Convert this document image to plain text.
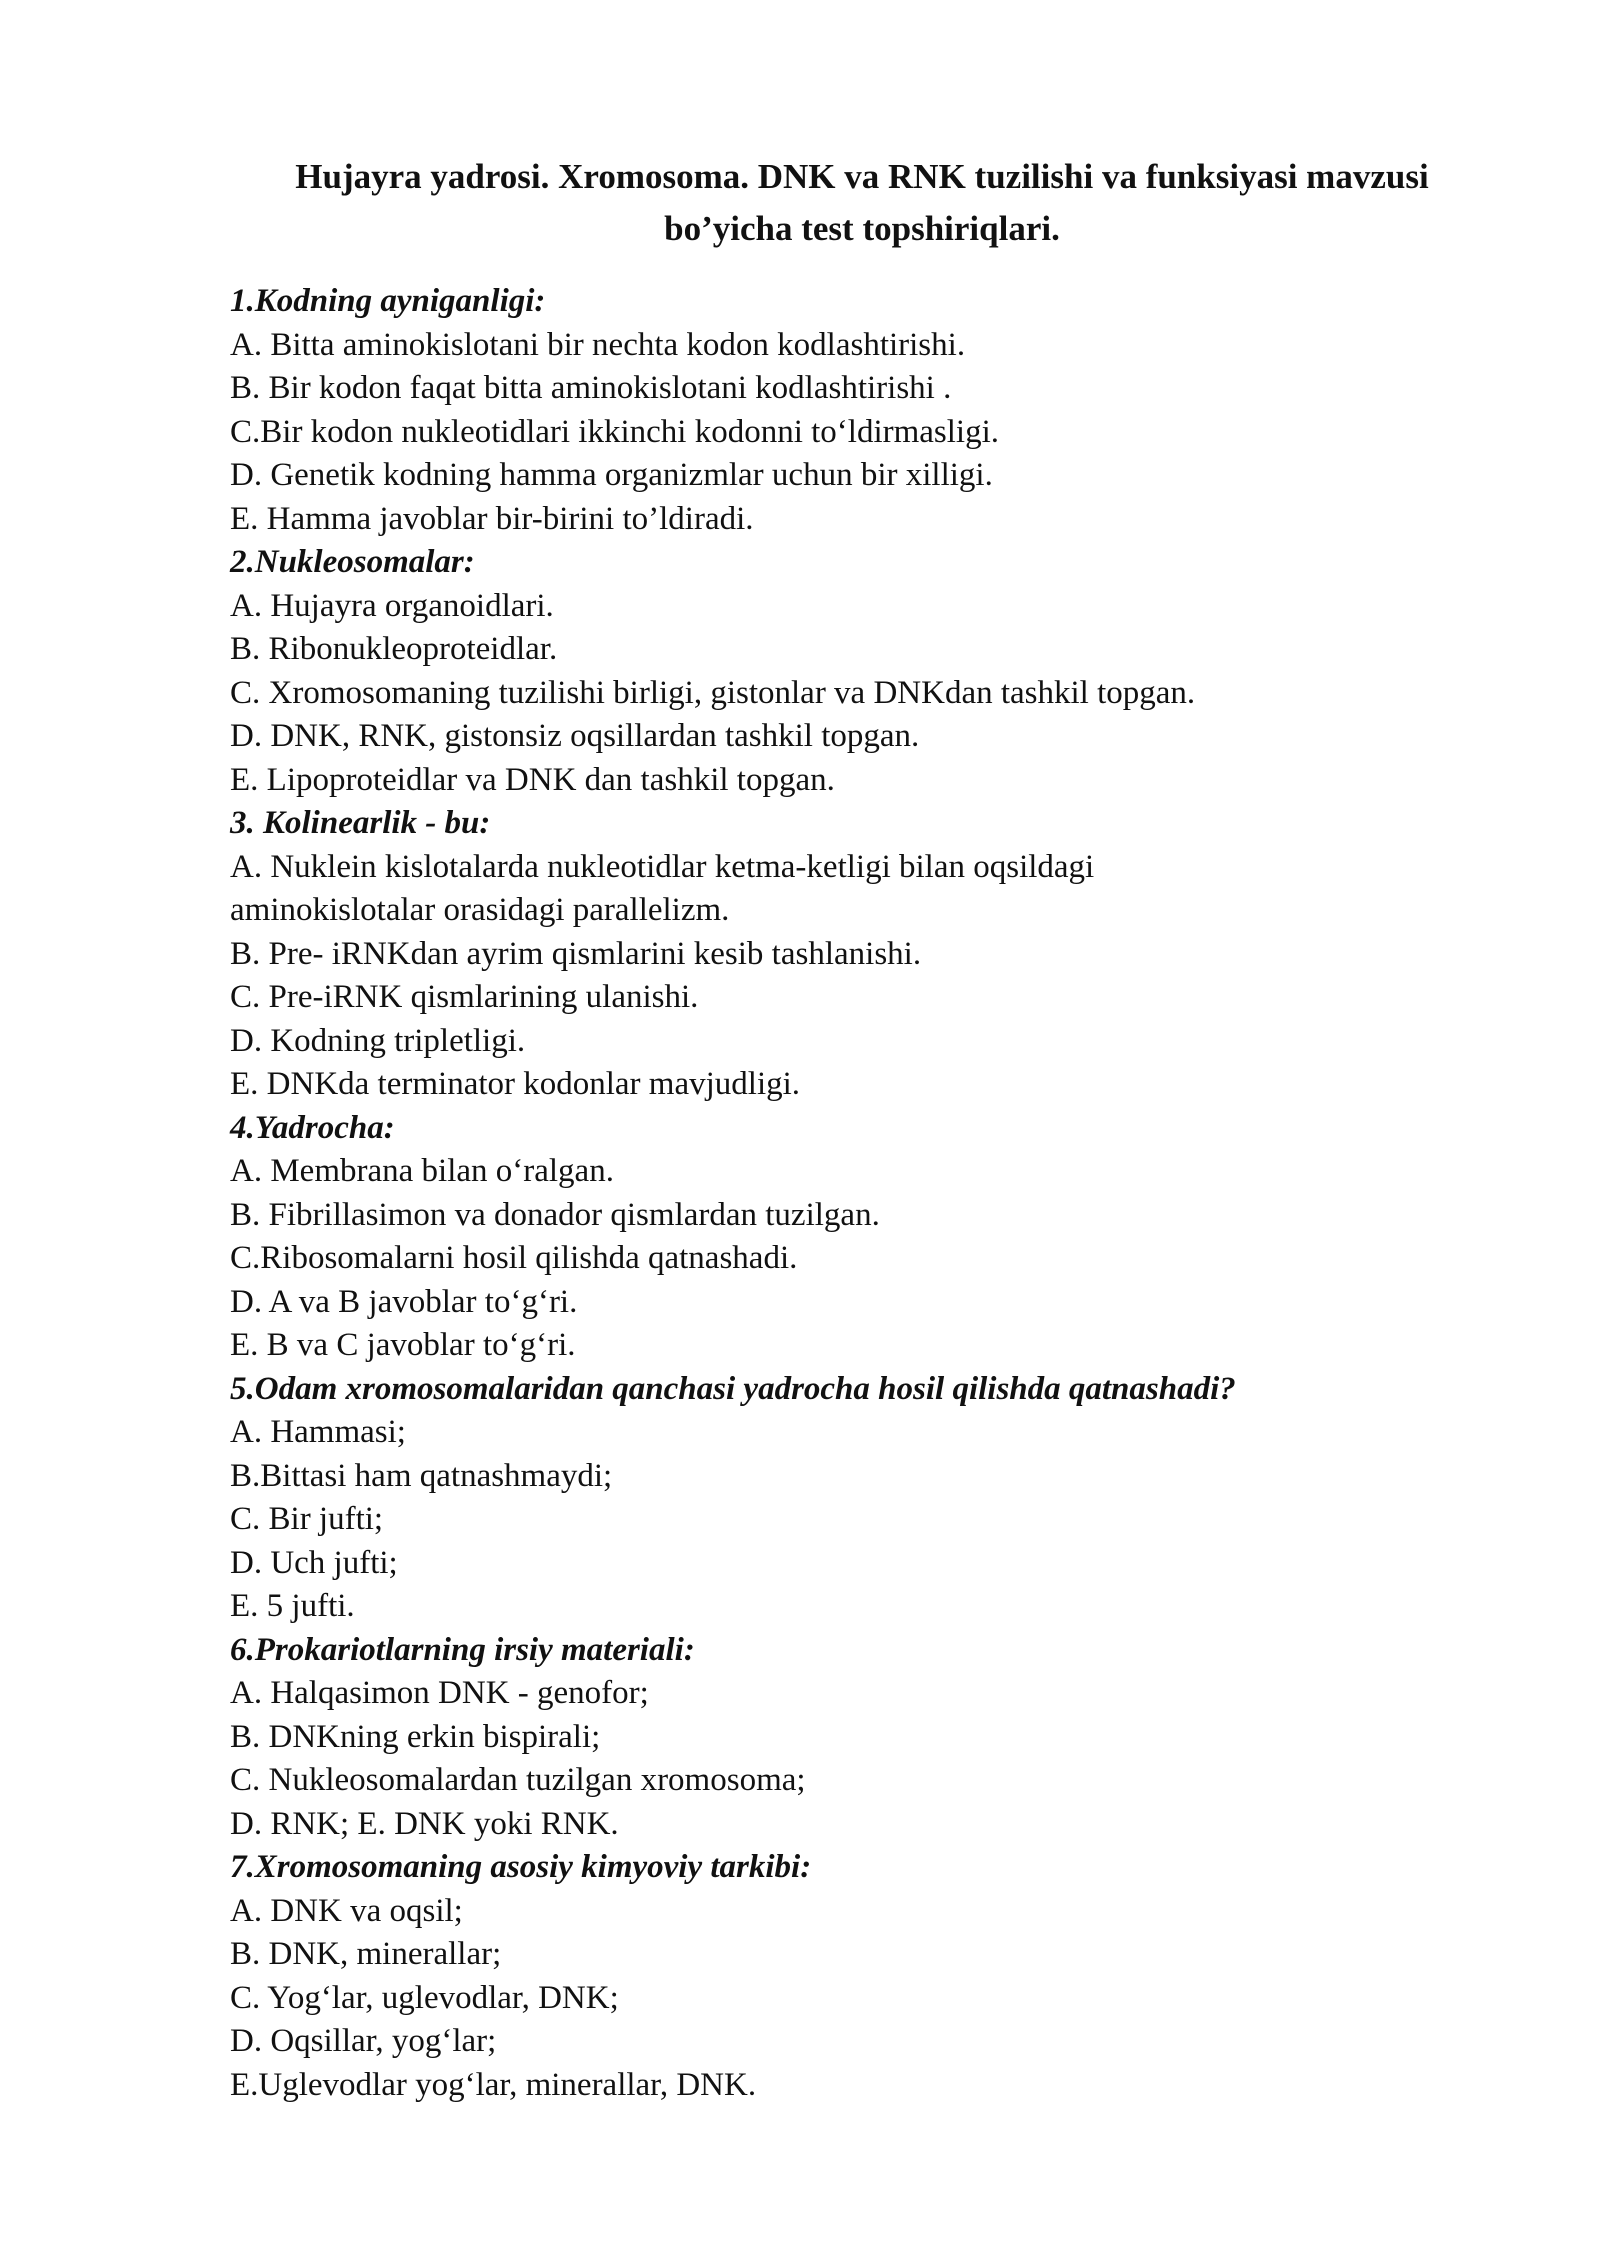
Hujayra yadrosi. Xromosoma. DNK va RNK tuzilishi va funksiyasi mavzusi
bo’yicha test topshiriqlari.
1.Kodning ayniganligi:
A. Bitta aminokislotani bir nechta kodon kodlashtirishi.
B. Bir kodon faqat bitta aminokislotani kodlashtirishi .
C.Bir kodon nukleotidlari ikkinchi kodonni to‘ldirmasligi.
D. Genetik kodning hamma organizmlar uchun bir xilligi.
E. Hamma javoblar bir-birini to’ldiradi.
2.Nukleosomalar:
A. Hujayra organoidlari.
B. Ribonukleoproteidlar.
C. Xromosomaning tuzilishi birligi, gistonlar va DNKdan tashkil topgan.
D. DNK, RNK, gistonsiz oqsillardan tashkil topgan.
E. Lipoproteidlar va DNK dan tashkil topgan.
3. Kolinearlik - bu:
A. Nuklein kislotalarda nukleotidlar ketma-ketligi bilan oqsildagi
aminokislotalar orasidagi parallelizm.
B. Pre- iRNKdan ayrim qismlarini kesib tashlanishi.
C. Pre-iRNK qismlarining ulanishi.
D. Kodning tripletligi.
E. DNKda terminator kodonlar mavjudligi.
4.Yadrocha:
A. Membrana bilan o‘ralgan.
B. Fibrillasimon va donador qismlardan tuzilgan.
C.Ribosomalarni hosil qilishda qatnashadi.
D. A va B javoblar to‘g‘ri.
E. B va C javoblar to‘g‘ri.
5.Odam xromosomalaridan qanchasi yadrocha hosil qilishda qatnashadi?
A. Hammasi;
B.Bittasi ham qatnashmaydi;
C. Bir jufti;
D. Uch jufti;
E. 5 jufti.
6.Prokariotlarning irsiy materiali:
A. Halqasimon DNK - genofor;
B. DNKning erkin bispirali;
C. Nukleosomalardan tuzilgan xromosoma;
D. RNK; E. DNK yoki RNK.
7.Xromosomaning asosiy kimyoviy tarkibi:
A. DNK va oqsil;
B. DNK, minerallar;
C. Yog‘lar, uglevodlar, DNK;
D. Oqsillar, yog‘lar;
E.Uglevodlar yog‘lar, minerallar, DNK.
